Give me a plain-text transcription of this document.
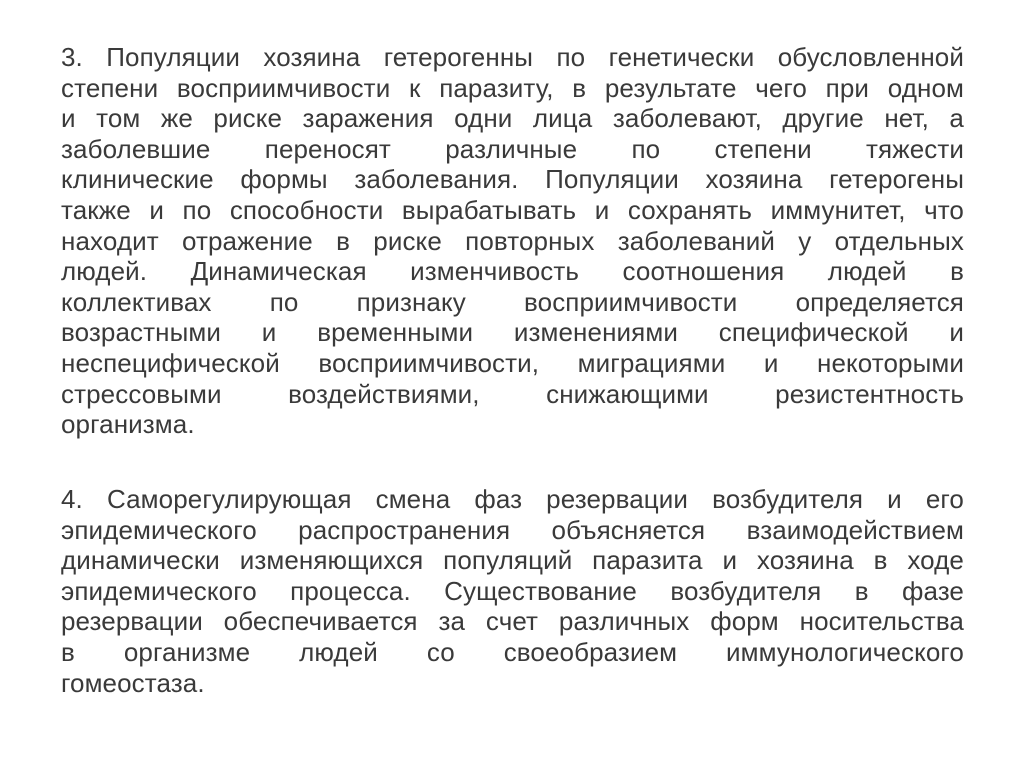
3. Популяции хозяина гетерогенны по генетически обусловленной
степени восприимчивости к паразиту, в результате чего при одном
и том же риске заражения одни лица заболевают, другие нет, а
заболевшие переносят различные по степени тяжести
клинические формы заболевания. Популяции хозяина гетерогены
также и по способности вырабатывать и сохранять иммунитет, что
находит отражение в риске повторных заболеваний у отдельных
людей. Динамическая изменчивость соотношения людей в
коллективах по признаку восприимчивости определяется
возрастными и временными изменениями специфической и
неспецифической восприимчивости, миграциями и некоторыми
стрессовыми воздействиями, снижающими резистентность
организма.
4. Саморегулирующая смена фаз резервации возбудителя и его
эпидемического распространения объясняется взаимодействием
динамически изменяющихся популяций паразита и хозяина в ходе
эпидемического процесса. Существование возбудителя в фазе
резервации обеспечивается за счет различных форм носительства
в организме людей со своеобразием иммунологического
гомеостаза.
